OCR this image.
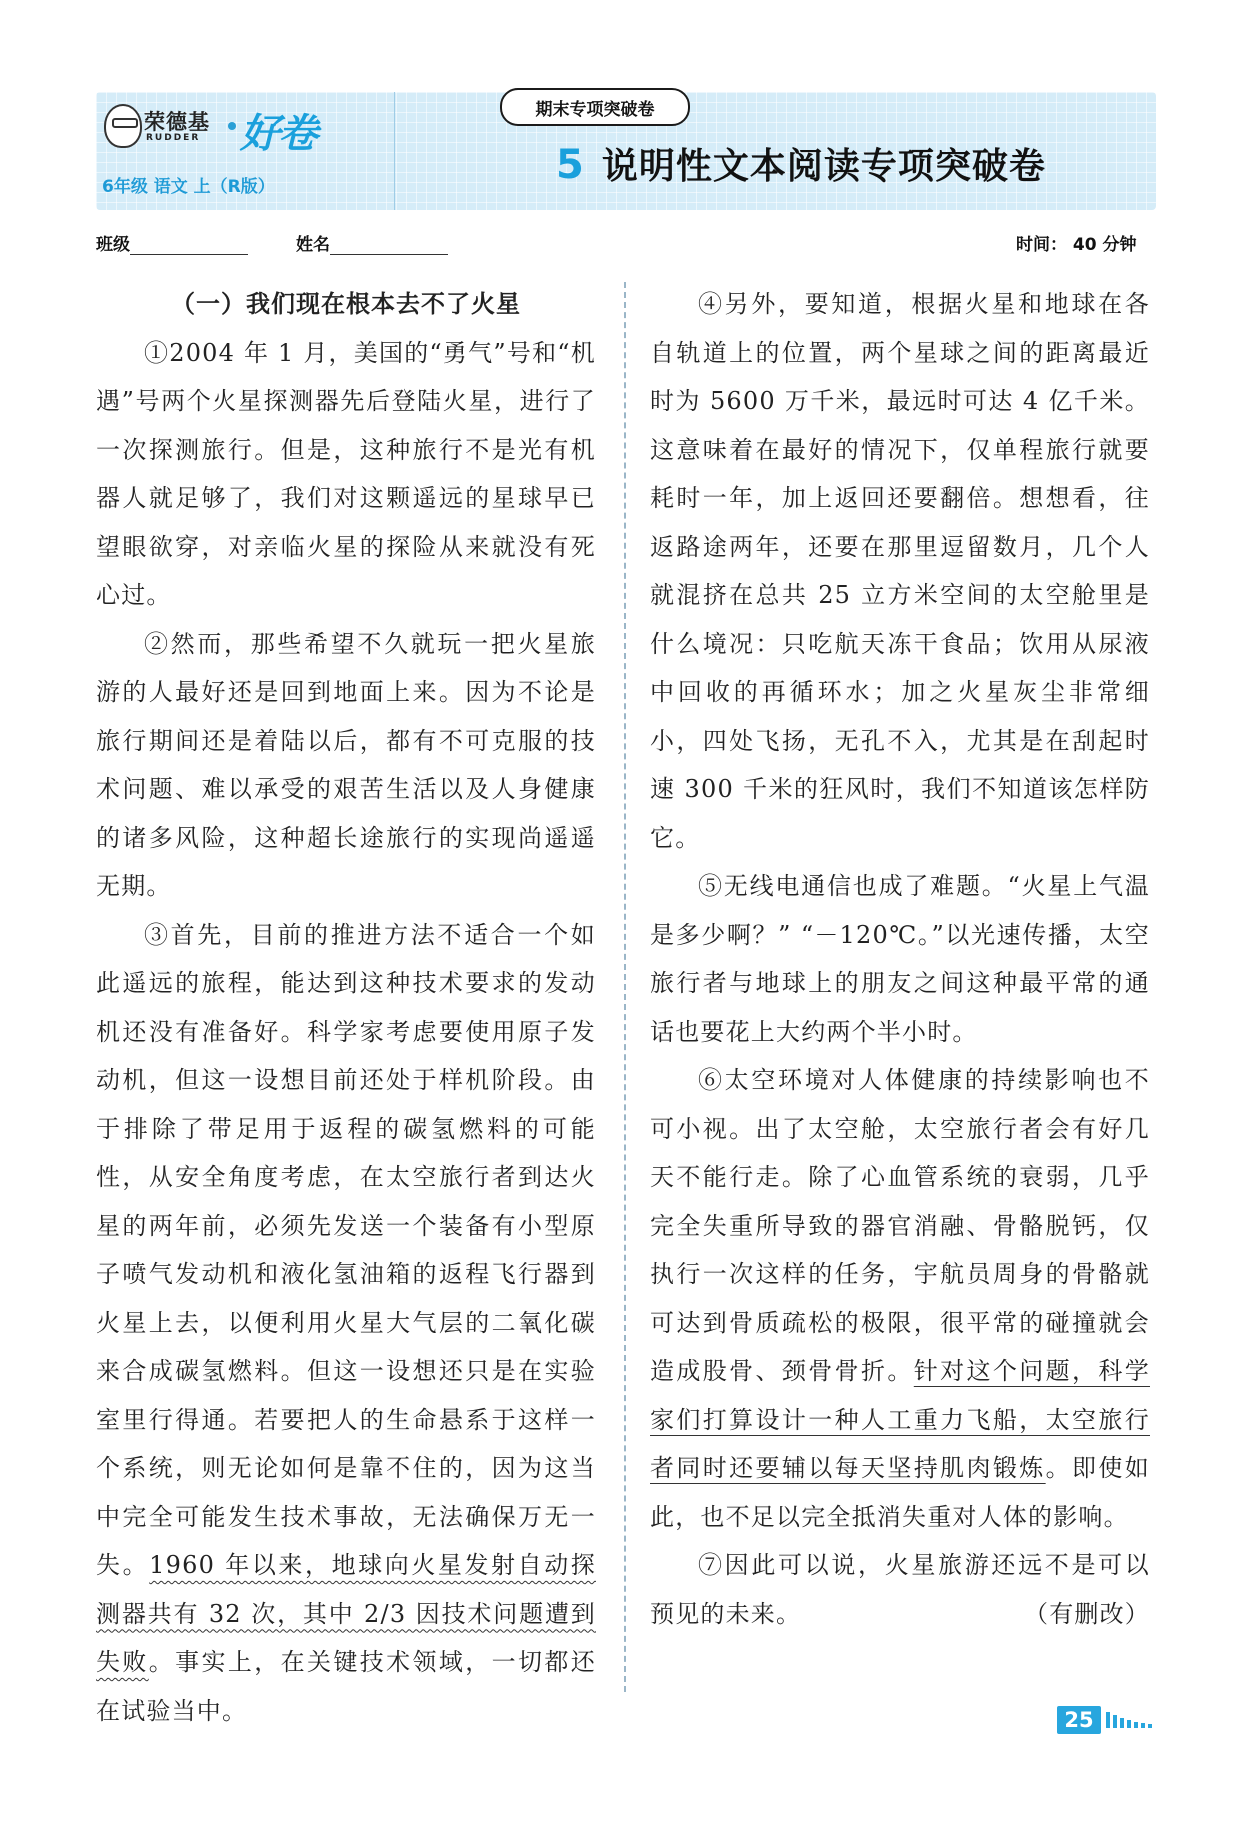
荣德基
RUDDER 好卷
6年级 语文 上（R版）
期末专项突破卷
5 说明性文本阅读专项突破卷
班级	姓名	时间： 40 分钟
（一）我们现在根本去不了火星

①2004 年 1 月，美国的“勇气”号和“机遇”号两个火星探测器先后登陆火星，进行了一次探测旅行。但是，这种旅行不是光有机器人就足够了，我们对这颗遥远的星球早已望眼欲穿，对亲临火星的探险从来就没有死心过。

②然而，那些希望不久就玩一把火星旅游的人最好还是回到地面上来。因为不论是旅行期间还是着陆以后，都有不可克服的技术问题、难以承受的艰苦生活以及人身健康的诸多风险，这种超长途旅行的实现尚遥遥无期。

③首先，目前的推进方法不适合一个如此遥远的旅程，能达到这种技术要求的发动机还没有准备好。科学家考虑要使用原子发动机，但这一设想目前还处于样机阶段。由于排除了带足用于返程的碳氢燃料的可能性，从安全角度考虑，在太空旅行者到达火星的两年前，必须先发送一个装备有小型原子喷气发动机和液化氢油箱的返程飞行器到火星上去，以便利用火星大气层的二氧化碳来合成碳氢燃料。但这一设想还只是在实验室里行得通。若要把人的生命悬系于这样一个系统，则无论如何是靠不住的，因为这当中完全可能发生技术事故，无法确保万无一失。1960 年以来，地球向火星发射自动探测器共有 32 次，其中 2/3 因技术问题遭到失败。事实上，在关键技术领域，一切都还在试验当中。

④另外，要知道，根据火星和地球在各自轨道上的位置，两个星球之间的距离最近时为 5600 万千米，最远时可达 4 亿千米。这意味着在最好的情况下，仅单程旅行就要耗时一年，加上返回还要翻倍。想想看，往返路途两年，还要在那里逗留数月，几个人就混挤在总共 25 立方米空间的太空舱里是什么境况：只吃航天冻干食品；饮用从尿液中回收的再循环水；加之火星灰尘非常细小，四处飞扬，无孔不入，尤其是在刮起时速 300 千米的狂风时，我们不知道该怎样防它。

⑤无线电通信也成了难题。“火星上气温是多少啊？” “－120℃。”以光速传播，太空旅行者与地球上的朋友之间这种最平常的通话也要花上大约两个半小时。

⑥太空环境对人体健康的持续影响也不可小视。出了太空舱，太空旅行者会有好几天不能行走。除了心血管系统的衰弱，几乎完全失重所导致的器官消融、骨骼脱钙，仅执行一次这样的任务，宇航员周身的骨骼就可达到骨质疏松的极限，很平常的碰撞就会造成股骨、颈骨骨折。针对这个问题，科学家们打算设计一种人工重力飞船，太空旅行者同时还要辅以每天坚持肌肉锻炼。即使如此，也不足以完全抵消失重对人体的影响。

⑦因此可以说，火星旅游还远不是可以预见的未来。	（有删改）
25
